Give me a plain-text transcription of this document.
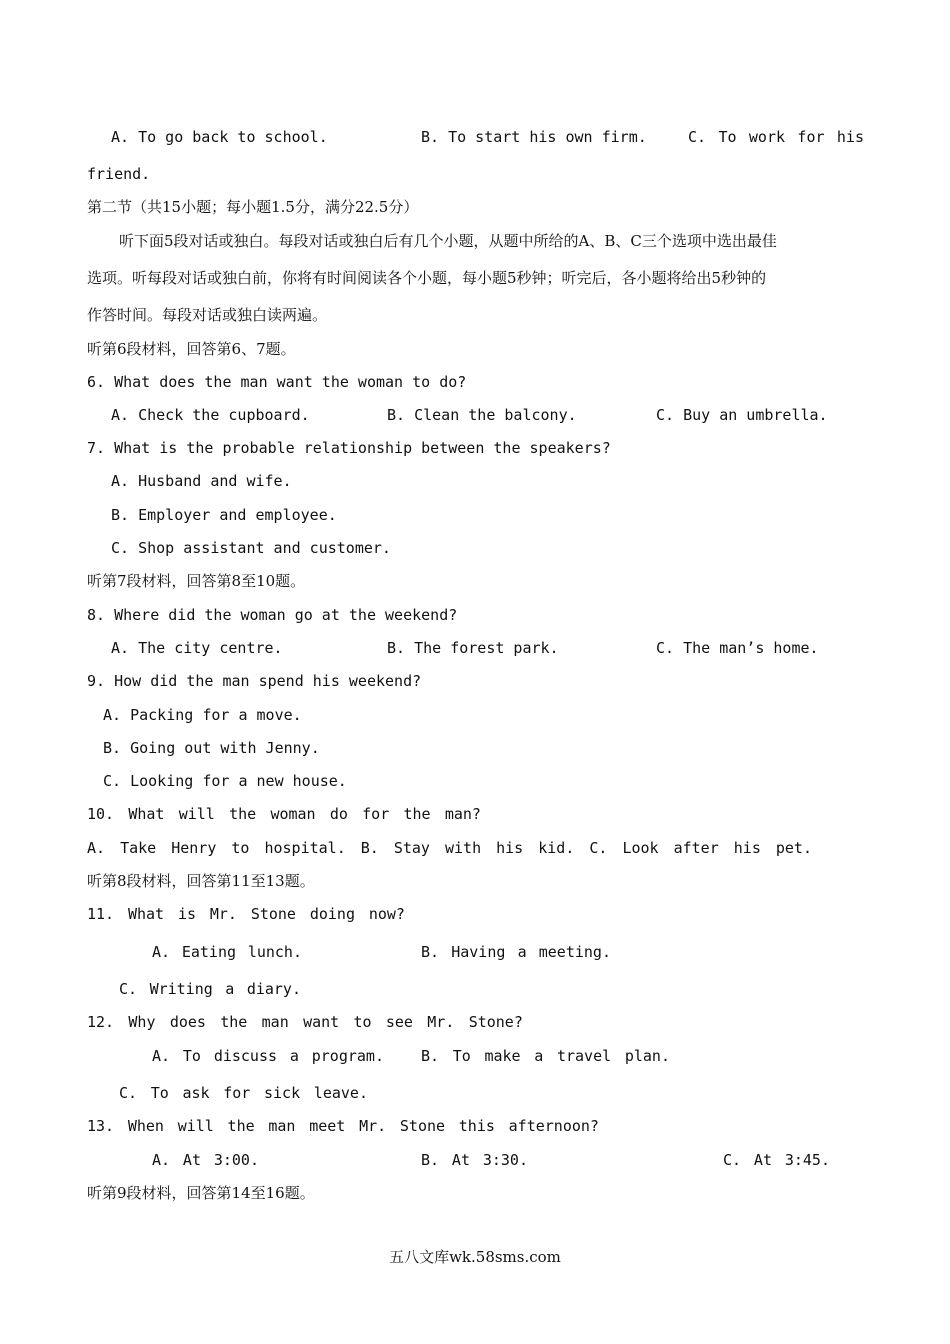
A. To go back to school.	B. To start his own firm.	C. To work for his
friend.
第二节（共15小题；每小题1.5分，满分22.5分）
听下面5段对话或独白。每段对话或独白后有几个小题，从题中所给的A、B、C三个选项中选出最佳
选项。听每段对话或独白前，你将有时间阅读各个小题，每小题5秒钟；听完后，各小题将给出5秒钟的
作答时间。每段对话或独白读两遍。
听第6段材料，回答第6、7题。
6. What does the man want the woman to do?
A. Check the cupboard.	B. Clean the balcony.	C. Buy an umbrella.
7. What is the probable relationship between the speakers?
A. Husband and wife.
B. Employer and employee.
C. Shop assistant and customer.
听第7段材料，回答第8至10题。
8. Where did the woman go at the weekend?
A. The city centre.	B. The forest park.	C. The man’s home.
9. How did the man spend his weekend?
A. Packing for a move.
B. Going out with Jenny.
C. Looking for a new house.
10. What will the woman do for the man?
A. Take Henry to hospital. B. Stay with his kid. C. Look after his pet.
听第8段材料，回答第11至13题。
11. What is Mr. Stone doing now?
A. Eating lunch.	B. Having a meeting.
C. Writing a diary.
12. Why does the man want to see Mr. Stone?
A. To discuss a program. B. To make a travel plan.
C. To ask for sick leave.
13. When will the man meet Mr. Stone this afternoon?
A. At 3:00.	B. At 3:30.	C. At 3:45.
听第9段材料，回答第14至16题。
五八文库wk.58sms.com
